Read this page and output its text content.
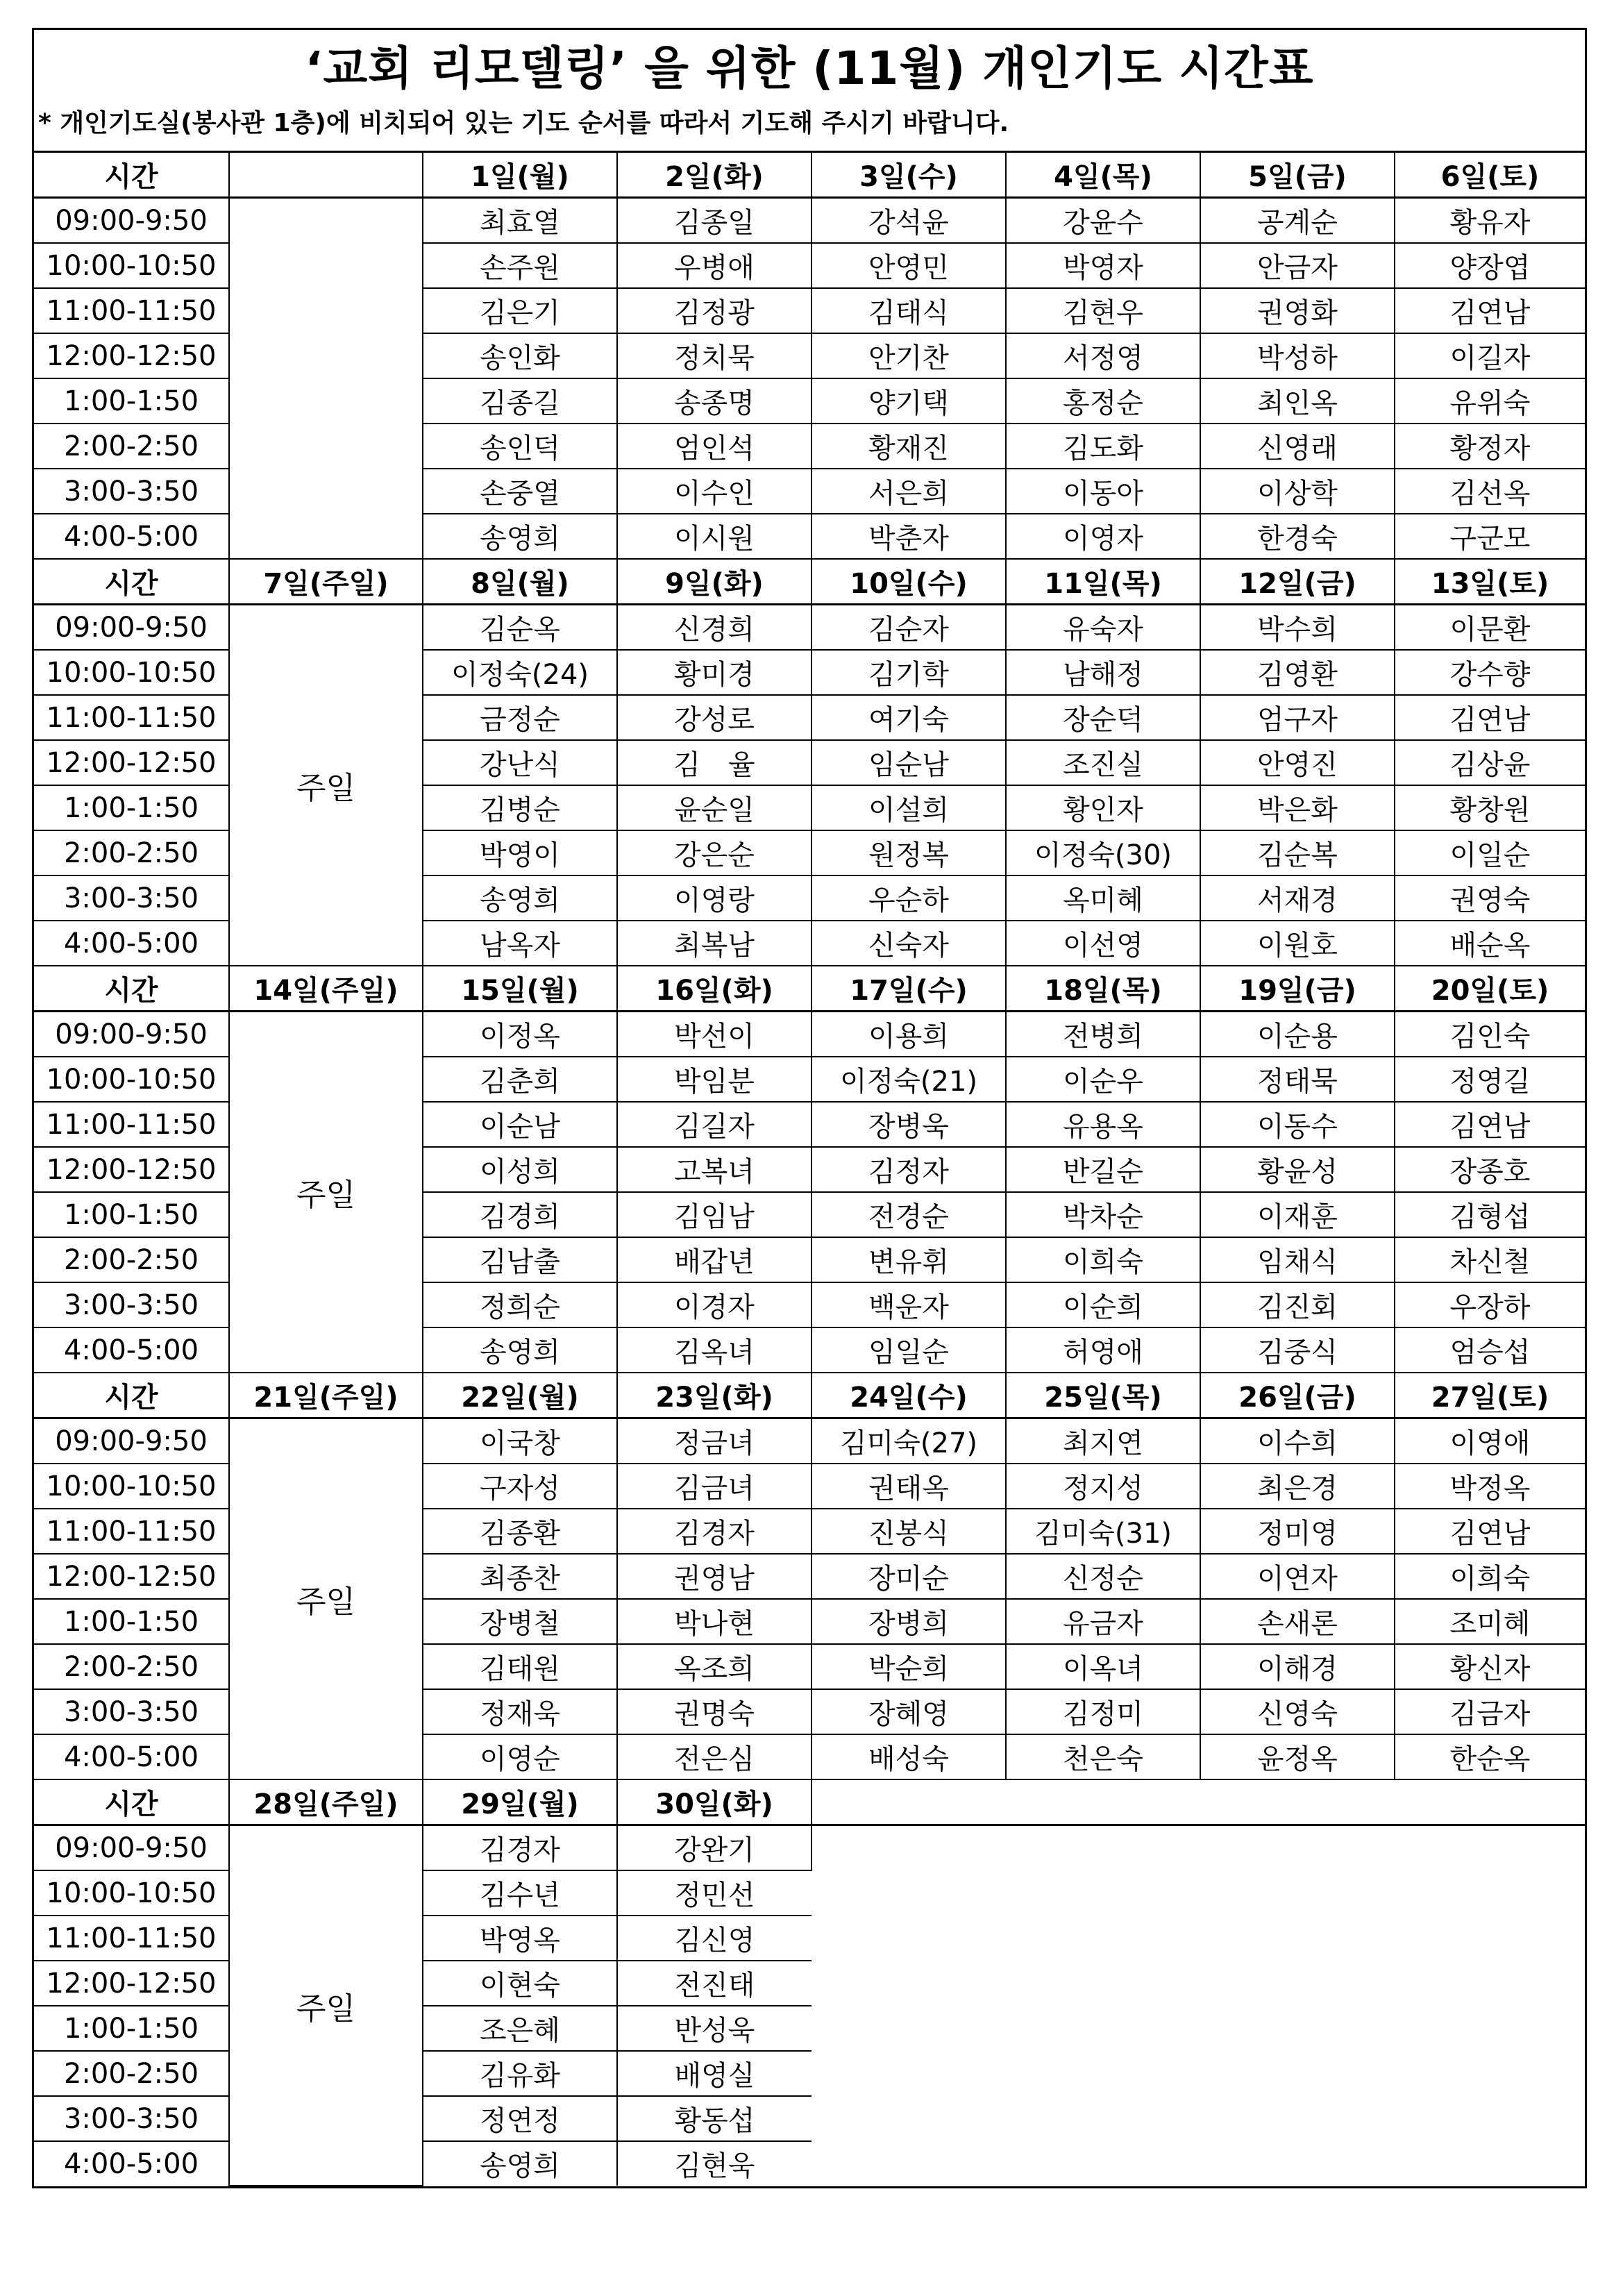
‘교회 리모델링’ 을 위한 (11월) 개인기도 시간표
* 개인기도실(봉사관 1층)에 비치되어 있는 기도 순서를 따라서 기도해 주시기 바랍니다.
시간		1일(월)	2일(화)	3일(수)	4일(목)	5일(금)	6일(토)
09:00-9:50		최효열	김종일	강석윤	강윤수	공계순	황유자
10:00-10:50		손주원	우병애	안영민	박영자	안금자	양장엽
11:00-11:50		김은기	김정광	김태식	김현우	권영화	김연남
12:00-12:50		송인화	정치묵	안기찬	서정영	박성하	이길자
1:00-1:50		김종길	송종명	양기택	홍정순	최인옥	유위숙
2:00-2:50		송인덕	엄인석	황재진	김도화	신영래	황정자
3:00-3:50		손중열	이수인	서은희	이동아	이상학	김선옥
4:00-5:00		송영희	이시원	박춘자	이영자	한경숙	구군모
시간	7일(주일)	8일(월)	9일(화)	10일(수)	11일(목)	12일(금)	13일(토)
09:00-9:50	주일	김순옥	신경희	김순자	유숙자	박수희	이문환
10:00-10:50		이정숙(24)	황미경	김기학	남해정	김영환	강수향
11:00-11:50		금정순	강성로	여기숙	장순덕	엄구자	김연남
12:00-12:50		강난식	김　율	임순남	조진실	안영진	김상윤
1:00-1:50		김병순	윤순일	이설희	황인자	박은화	황창원
2:00-2:50		박영이	강은순	원정복	이정숙(30)	김순복	이일순
3:00-3:50		송영희	이영랑	우순하	옥미혜	서재경	권영숙
4:00-5:00		남옥자	최복남	신숙자	이선영	이원호	배순옥
시간	14일(주일)	15일(월)	16일(화)	17일(수)	18일(목)	19일(금)	20일(토)
09:00-9:50	주일	이정옥	박선이	이용희	전병희	이순용	김인숙
10:00-10:50		김춘희	박임분	이정숙(21)	이순우	정태묵	정영길
11:00-11:50		이순남	김길자	장병욱	유용옥	이동수	김연남
12:00-12:50		이성희	고복녀	김정자	반길순	황윤성	장종호
1:00-1:50		김경희	김임남	전경순	박차순	이재훈	김형섭
2:00-2:50		김남출	배갑년	변유휘	이희숙	임채식	차신철
3:00-3:50		정희순	이경자	백운자	이순희	김진회	우장하
4:00-5:00		송영희	김옥녀	임일순	허영애	김중식	엄승섭
시간	21일(주일)	22일(월)	23일(화)	24일(수)	25일(목)	26일(금)	27일(토)
09:00-9:50	주일	이국창	정금녀	김미숙(27)	최지연	이수희	이영애
10:00-10:50		구자성	김금녀	권태옥	정지성	최은경	박정옥
11:00-11:50		김종환	김경자	진봉식	김미숙(31)	정미영	김연남
12:00-12:50		최종찬	권영남	장미순	신정순	이연자	이희숙
1:00-1:50		장병철	박나현	장병희	유금자	손새론	조미혜
2:00-2:50		김태원	옥조희	박순희	이옥녀	이해경	황신자
3:00-3:50		정재욱	권명숙	장혜영	김정미	신영숙	김금자
4:00-5:00		이영순	전은심	배성숙	천은숙	윤정옥	한순옥
시간	28일(주일)	29일(월)	30일(화)				
09:00-9:50	주일	김경자	강완기				
10:00-10:50		김수년	정민선				
11:00-11:50		박영옥	김신영				
12:00-12:50		이현숙	전진태				
1:00-1:50		조은혜	반성욱				
2:00-2:50		김유화	배영실				
3:00-3:50		정연정	황동섭				
4:00-5:00		송영희	김현욱				
